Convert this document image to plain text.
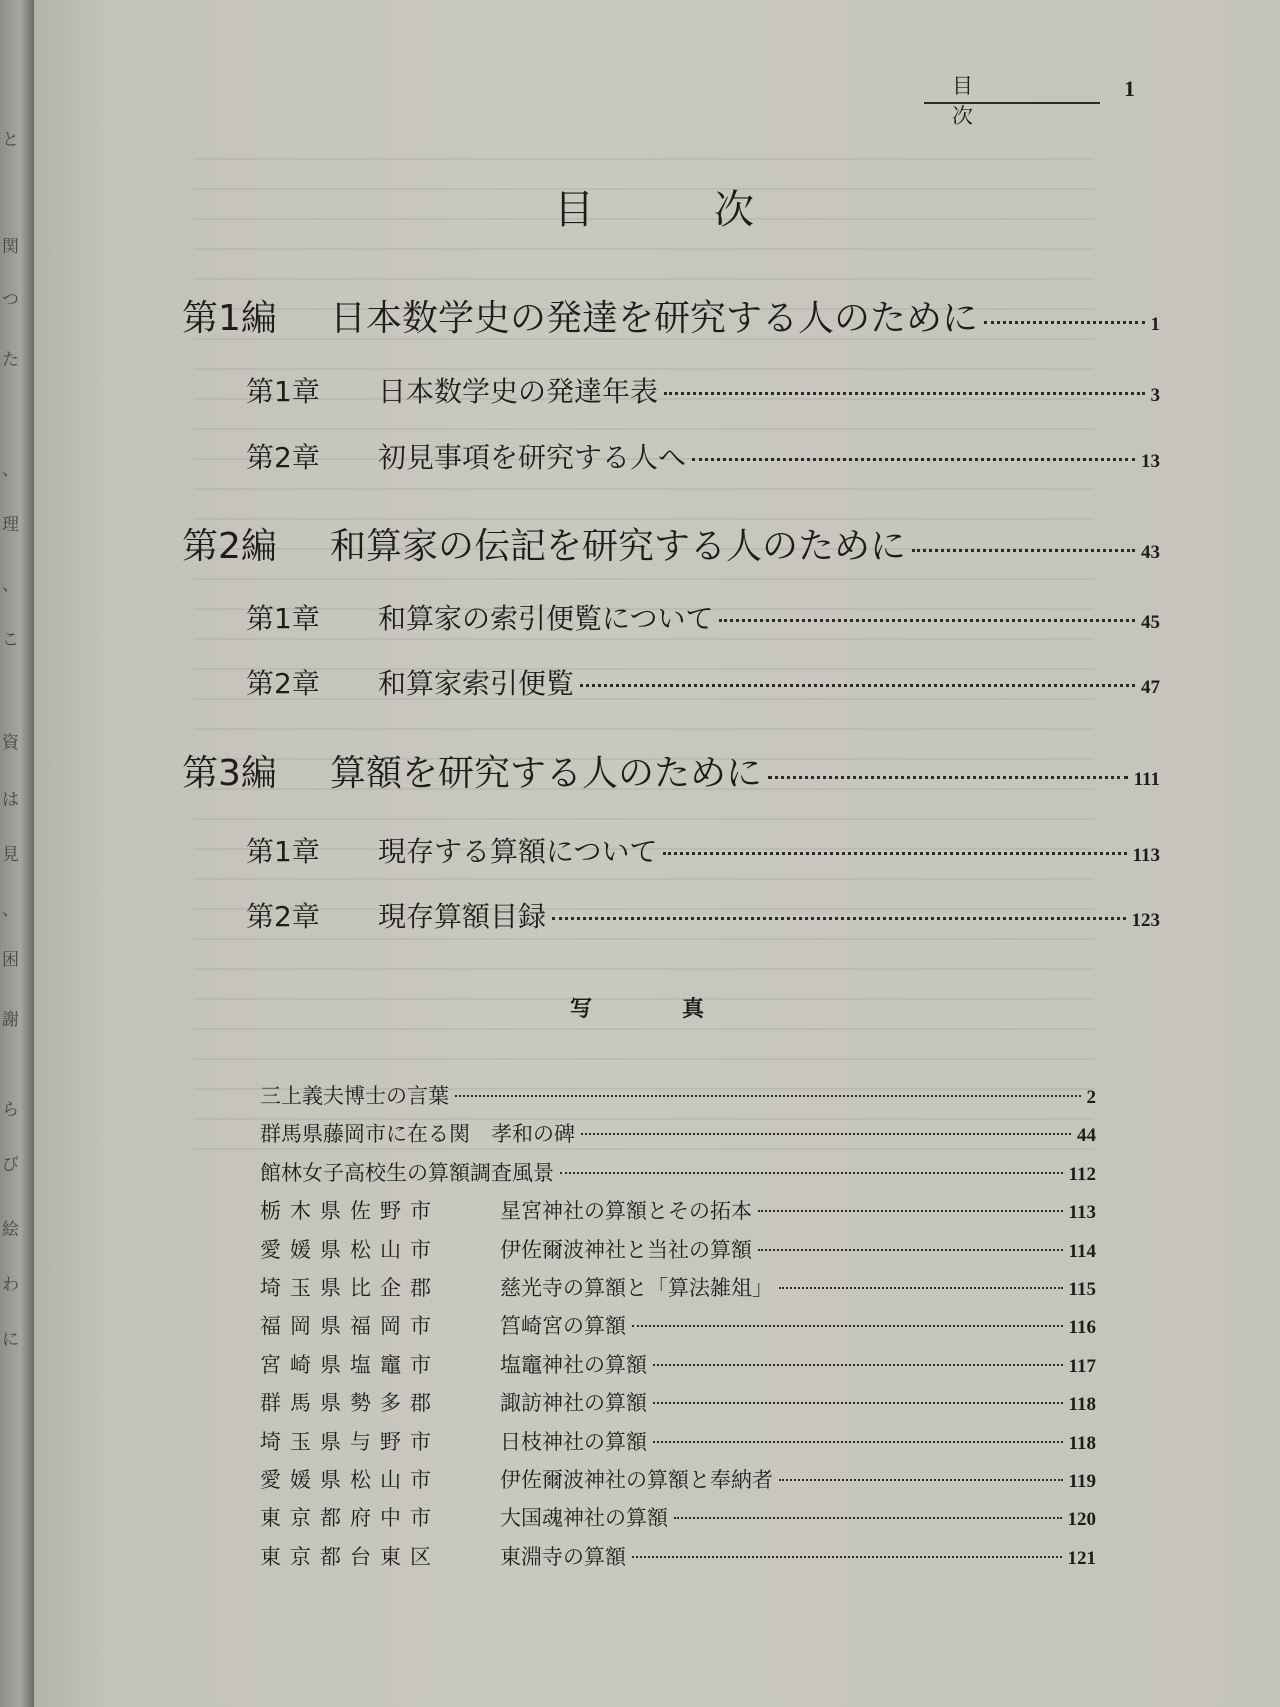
と
関
つ
た
、
理
、
こ
資
は
見
、
困
謝
ら
び
絵
わ
に
目次
1
目次
第1編	日本数学史の発達を研究する人のために	1
第1章	日本数学史の発達年表	3
第2章	初見事項を研究する人へ	13
第2編	和算家の伝記を研究する人のために	43
第1章	和算家の索引便覧について	45
第2章	和算家索引便覧	47
第3編	算額を研究する人のために	111
第1章	現存する算額について	113
第2章	現存算額目録	123
写真
三上義夫博士の言葉	2
群馬県藤岡市に在る関　孝和の碑	44
館林女子高校生の算額調査風景	112
栃木県佐野市	星宮神社の算額とその拓本	113
愛媛県松山市	伊佐爾波神社と当社の算額	114
埼玉県比企郡	慈光寺の算額と「算法雑俎」	115
福岡県福岡市	筥崎宮の算額	116
宮崎県塩竈市	塩竈神社の算額	117
群馬県勢多郡	諏訪神社の算額	118
埼玉県与野市	日枝神社の算額	118
愛媛県松山市	伊佐爾波神社の算額と奉納者	119
東京都府中市	大国魂神社の算額	120
東京都台東区	東淵寺の算額	121
